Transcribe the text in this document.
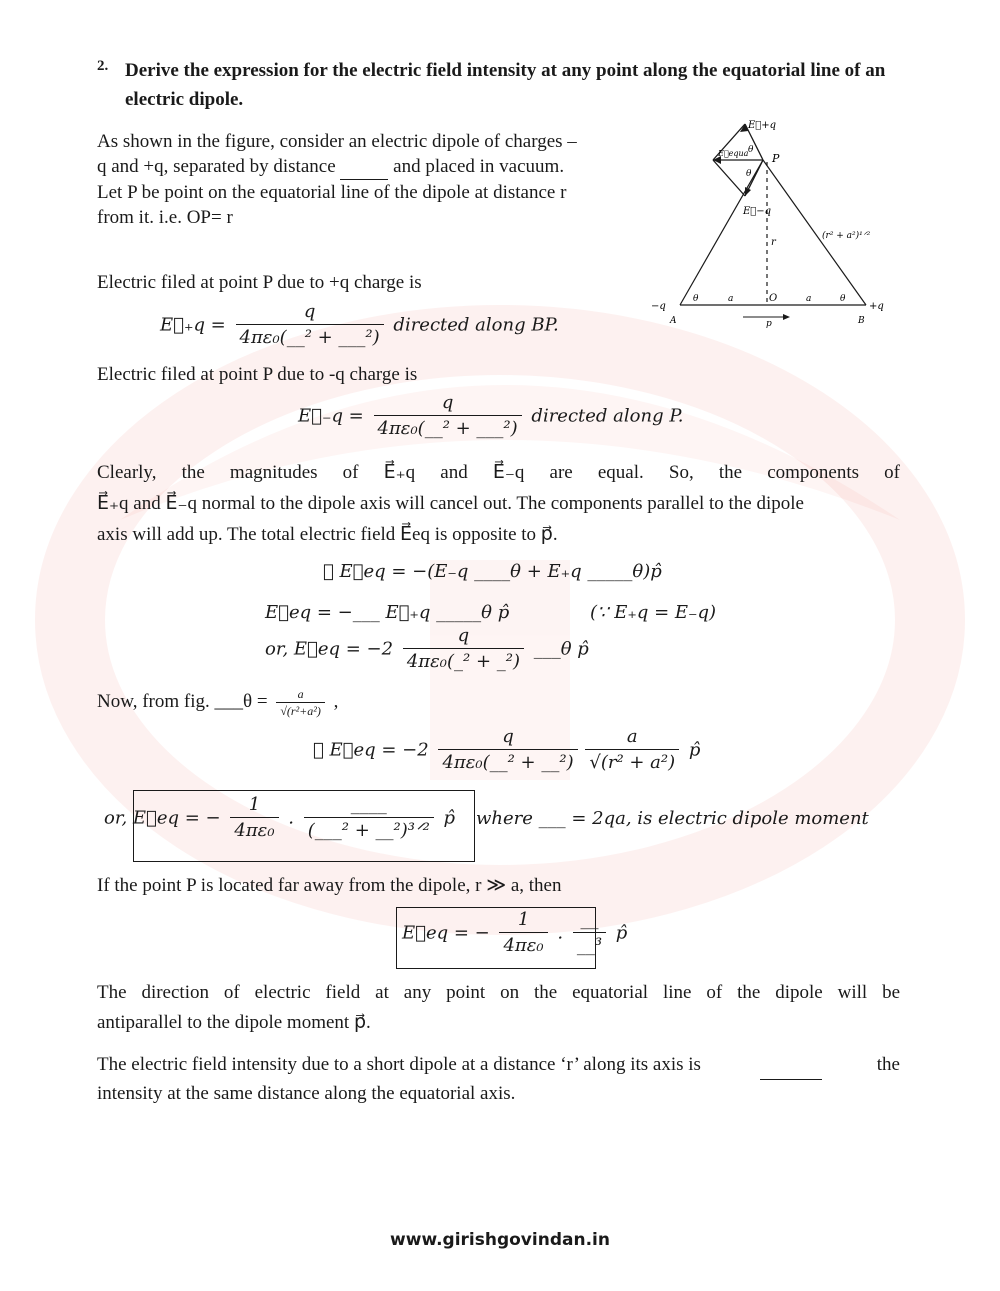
2. Derive the expression for the electric field intensity at any point along the equatorial line of an electric dipole.
As shown in the figure, consider an electric dipole of charges –
q and +q, separated by distance	and placed in vacuum.
Let P be point on the equatorial line of the dipole at distance r
from it. i.e. OP= r
E⃗+q
E⃗equa θ
θ
P
E⃗−q
r
(r² + a²)¹ᐟ²
−q	+q
A	B
O
a	a
θ	θ
p
Electric filed at point P due to +q charge is
E⃗₊q = $\frac{q}{\text{4πε₀(\_\_² + \_\_\_²)}}$ directed along BP.
Electric filed at point P due to -q charge is
E⃗₋q = $\frac{q}{\text{4πε₀(\_\_² + \_\_\_²)}}$ directed along P.
Clearly, the magnitudes of E⃗₊q and E⃗₋q are equal. So, the components of
E⃗₊q and E⃗₋q normal to the dipole axis will cancel out. The components parallel to the dipole
axis will add up. The total electric field E⃗eq is opposite to p⃗.
∴ E⃗eq = −(E₋q ____θ + E₊q _____θ)p̂
E⃗eq = −___ E⃗₊q _____θ p̂	(∵ E₊q = E₋q)
or, E⃗eq = $-2 \frac{q}{\text{4πε₀(\_² + \_²)}}$ ___θ p̂
Now, from fig. ___θ = $\frac{a}{\text{√(r²+a²)}}$ ,
∴ E⃗eq = $-2 \frac{q}{\text{4πε₀(\_\_² + \_\_²)}}$
$\frac{a}{\text{√(r² + a²)}}$ p̂
or, E⃗eq = − $\frac{1}{\text{4πε₀}}$ . $\frac{\_\_\_\_}{\text{(\_\_\_² + \_\_²)³ᐟ²}}$ p̂ where ___ = 2qa, is electric dipole moment
If the point P is located far away from the dipole, r ≫ a, then
E⃗eq = − $\frac{1}{\text{4πε₀}}$ . $\frac{\_\_}{\text{\_\_³}}$ p̂
The direction of electric field at any point on the equatorial line of the dipole will be
antiparallel to the dipole moment p⃗.
The electric field intensity due to a short dipole at a distance ‘r’ along its axis is
	the
intensity at the same distance along the equatorial axis.
www.girishgovindan.in
